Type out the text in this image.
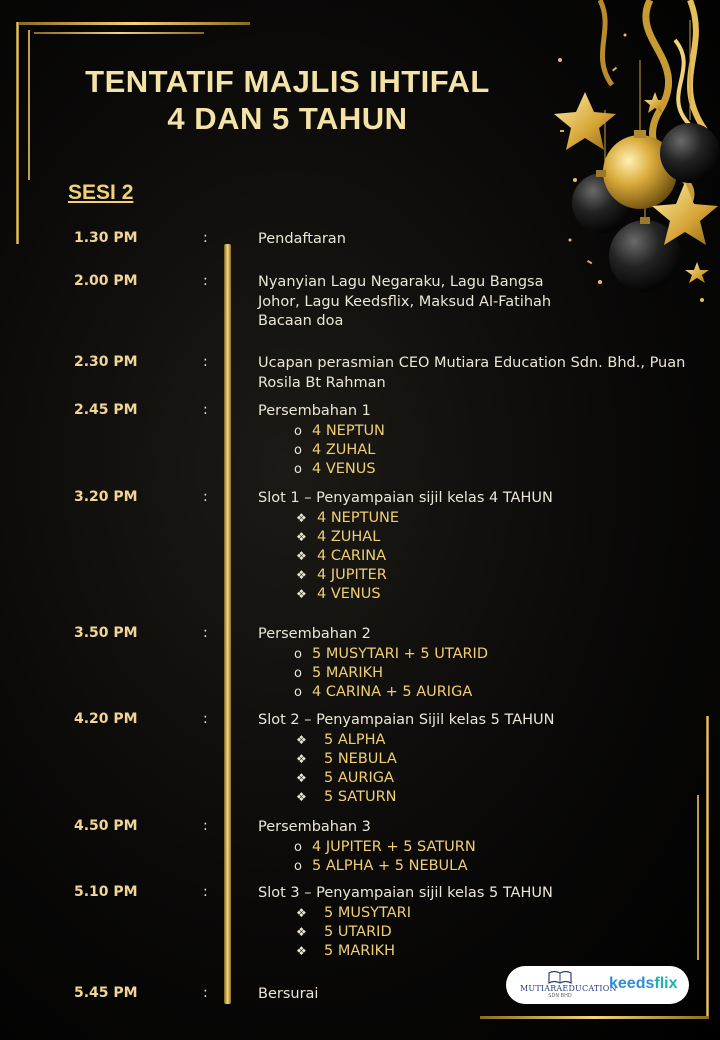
TENTATIF MAJLIS IHTIFAL
4 DAN 5 TAHUN
SESI 2
1.30 PM	:	Pendaftaran
2.00 PM	:	Nyanyian Lagu Negaraku, Lagu Bangsa
Johor, Lagu Keedsflix, Maksud Al-Fatihah
Bacaan doa
2.30 PM	:	Ucapan perasmian CEO Mutiara Education Sdn. Bhd., Puan
Rosila Bt Rahman
2.45 PM	:	Persembahan 1
o 4 NEPTUN
o 4 ZUHAL
o 4 VENUS
3.20 PM	:	Slot 1 – Penyampaian sijil kelas 4 TAHUN
❖ 4 NEPTUNE
❖ 4 ZUHAL
❖ 4 CARINA
❖ 4 JUPITER
❖ 4 VENUS
3.50 PM	:	Persembahan 2
o 5 MUSYTARI + 5 UTARID
o 5 MARIKH
o 4 CARINA + 5 AURIGA
4.20 PM	:	Slot 2 – Penyampaian Sijil kelas 5 TAHUN
❖ 5 ALPHA
❖ 5 NEBULA
❖ 5 AURIGA
❖ 5 SATURN
4.50 PM	:	Persembahan 3
o 4 JUPITER + 5 SATURN
o 5 ALPHA + 5 NEBULA
5.10 PM	:	Slot 3 – Penyampaian sijil kelas 5 TAHUN
❖ 5 MUSYTARI
❖ 5 UTARID
❖ 5 MARIKH
5.45 PM	:	Bersurai	MUTIARAEDUCATION
SDN BHD
keedsflix
